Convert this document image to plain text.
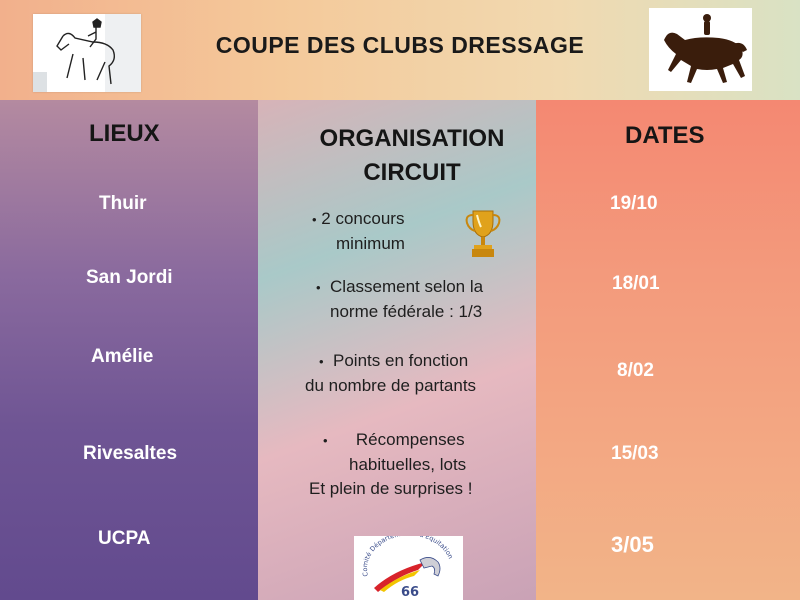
COUPE DES CLUBS DRESSAGE
LIEUX
Thuir
San Jordi
Amélie
Rivesaltes
UCPA
ORGANISATION
CIRCUIT
• 2 concours
minimum
• Classement selon la
norme fédérale : 1/3
• Points en fonction
du nombre de partants
• Récompenses
habituelles, lots
Et plein de surprises !
Comité Départe Equitation
66
DATES
19/10
18/01
8/02
15/03
3/05
